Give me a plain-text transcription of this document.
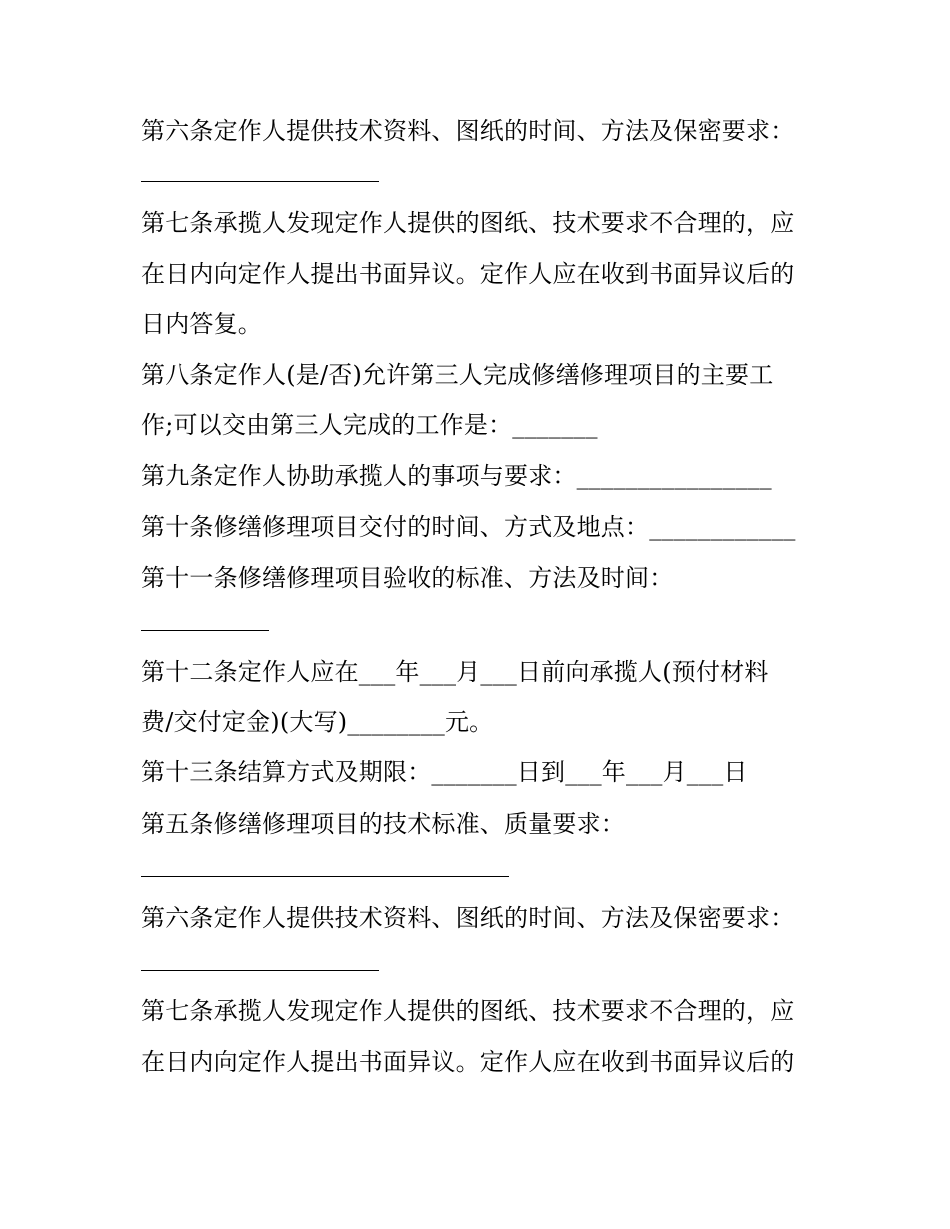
第六条定作人提供技术资料、图纸的时间、方法及保密要求：

第七条承揽人发现定作人提供的图纸、技术要求不合理的，应

在日内向定作人提出书面异议。定作人应在收到书面异议后的

日内答复。

第八条定作人(是/否)允许第三人完成修缮修理项目的主要工

作;可以交由第三人完成的工作是：_______

第九条定作人协助承揽人的事项与要求：________________

第十条修缮修理项目交付的时间、方式及地点：____________

第十一条修缮修理项目验收的标准、方法及时间：

第十二条定作人应在___年___月___日前向承揽人(预付材料

费/交付定金)(大写)________元。

第十三条结算方式及期限：_______日到___年___月___日

第五条修缮修理项目的技术标准、质量要求：

第六条定作人提供技术资料、图纸的时间、方法及保密要求：

第七条承揽人发现定作人提供的图纸、技术要求不合理的，应

在日内向定作人提出书面异议。定作人应在收到书面异议后的
